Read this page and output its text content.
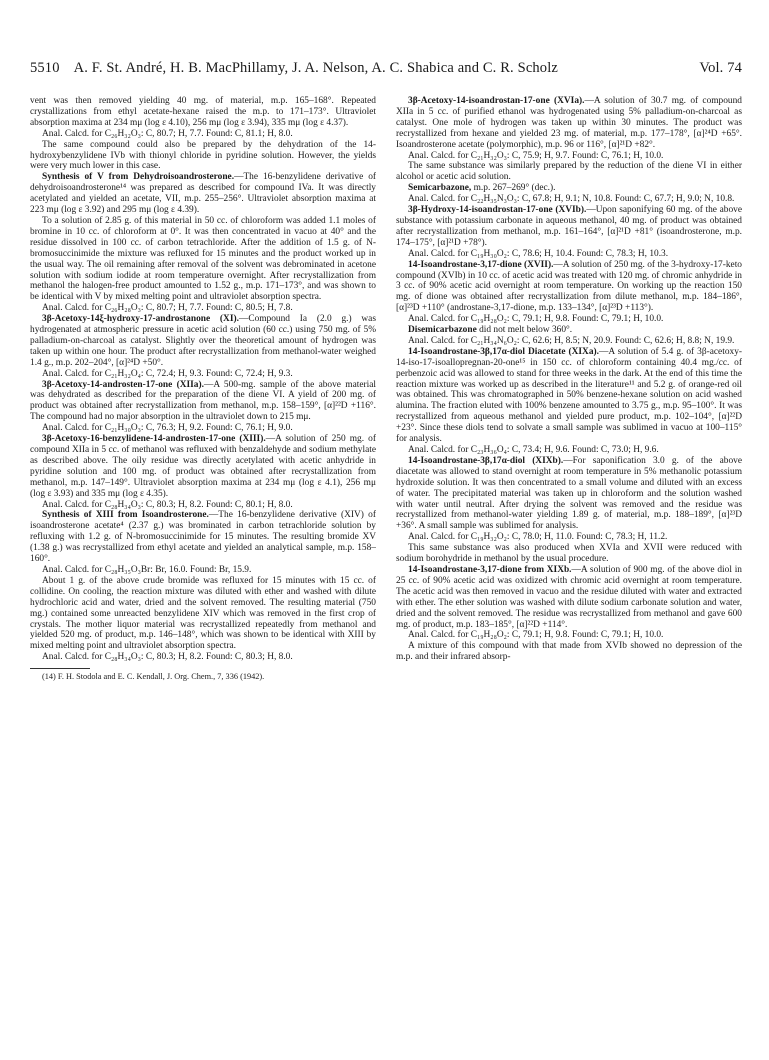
5510 A. F. St. André, H. B. MacPhillamy, J. A. Nelson, A. C. Shabica and C. R. Scholz	Vol. 74

vent was then removed yielding 40 mg. of material, m.p. 165–168°. Repeated crystallizations from ethyl acetate-hexane raised the m.p. to 171–173°. Ultraviolet absorption maxima at 234 mμ (log ε 4.10), 256 mμ (log ε 3.94), 335 mμ (log ε 4.37).

Anal. Calcd. for C₂₆H₃₂O₃: C, 80.7; H, 7.7. Found: C, 81.1; H, 8.0.

The same compound could also be prepared by the dehydration of the 14-hydroxybenzylidene IVb with thionyl chloride in pyridine solution. However, the yields were very much lower in this case.

Synthesis of V from Dehydroisoandrosterone.—The 16-benzylidene derivative of dehydroisoandrosterone¹⁴ was prepared as described for compound IVa. It was directly acetylated and yielded an acetate, VII, m.p. 255–256°. Ultraviolet absorption maxima at 223 mμ (log ε 3.92) and 295 mμ (log ε 4.39).

To a solution of 2.85 g. of this material in 50 cc. of chloroform was added 1.1 moles of bromine in 10 cc. of chloroform at 0°. It was then concentrated in vacuo at 40° and the residue dissolved in 100 cc. of carbon tetrachloride. After the addition of 1.5 g. of N-bromosuccinimide the mixture was refluxed for 15 minutes and the product worked up in the usual way. The oil remaining after removal of the solvent was debrominated in acetone solution with sodium iodide at room temperature overnight. After recrystallization from methanol the halogen-free product amounted to 1.52 g., m.p. 171–173°, and was shown to be identical with V by mixed melting point and ultraviolet absorption spectra.

Anal. Calcd. for C₂₆H₂₈O₃: C, 80.7; H, 7.7. Found: C, 80.5; H, 7.8.

3β-Acetoxy-14ξ-hydroxy-17-androstanone (XI).—Compound Ia (2.0 g.) was hydrogenated at atmospheric pressure in acetic acid solution (60 cc.) using 750 mg. of 5% palladium-on-charcoal as catalyst. Slightly over the theoretical amount of hydrogen was taken up within one hour. The product after recrystallization from methanol-water weighed 1.4 g., m.p. 202–204°, [α]²⁴D +50°.

Anal. Calcd. for C₂₁H₃₂O₄: C, 72.4; H, 9.3. Found: C, 72.4; H, 9.3.

3β-Acetoxy-14-androsten-17-one (XIIa).—A 500-mg. sample of the above material was dehydrated as described for the preparation of the diene VI. A yield of 200 mg. of product was obtained after recrystallization from methanol, m.p. 158–159°, [α]²²D +116°. The compound had no major absorption in the ultraviolet down to 215 mμ.

Anal. Calcd. for C₂₁H₃₀O₃: C, 76.3; H, 9.2. Found: C, 76.1; H, 9.0.

3β-Acetoxy-16-benzylidene-14-androsten-17-one (XIII).—A solution of 250 mg. of compound XIIa in 5 cc. of methanol was refluxed with benzaldehyde and sodium methylate as described above. The oily residue was directly acetylated with acetic anhydride in pyridine solution and 100 mg. of product was obtained after recrystallization from methanol, m.p. 147–149°. Ultraviolet absorption maxima at 234 mμ (log ε 4.1), 256 mμ (log ε 3.93) and 335 mμ (log ε 4.35).

Anal. Calcd. for C₂₈H₃₄O₃: C, 80.3; H, 8.2. Found: C, 80.1; H, 8.0.

Synthesis of XIII from Isoandrosterone.—The 16-benzylidene derivative (XIV) of isoandrosterone acetate⁴ (2.37 g.) was brominated in carbon tetrachloride solution by refluxing with 1.2 g. of N-bromosuccinimide for 15 minutes. The resulting bromide XV (1.38 g.) was recrystallized from ethyl acetate and yielded an analytical sample, m.p. 158–160°.

Anal. Calcd. for C₂₈H₃₅O₃Br: Br, 16.0. Found: Br, 15.9.

About 1 g. of the above crude bromide was refluxed for 15 minutes with 15 cc. of collidine. On cooling, the reaction mixture was diluted with ether and washed with dilute hydrochloric acid and water, dried and the solvent removed. The resulting material (750 mg.) contained some unreacted benzylidene XIV which was removed in the first crop of crystals. The mother liquor material was recrystallized repeatedly from methanol and yielded 520 mg. of product, m.p. 146–148°, which was shown to be identical with XIII by mixed melting point and ultraviolet absorption spectra.

Anal. Calcd. for C₂₈H₃₄O₃: C, 80.3; H, 8.2. Found: C, 80.3; H, 8.0.

(14) F. H. Stodola and E. C. Kendall, J. Org. Chem., 7, 336 (1942).

3β-Acetoxy-14-isoandrostan-17-one (XVIa).—A solution of 30.7 mg. of compound XIIa in 5 cc. of purified ethanol was hydrogenated using 5% palladium-on-charcoal as catalyst. One mole of hydrogen was taken up within 30 minutes. The product was recrystallized from hexane and yielded 23 mg. of material, m.p. 177–178°, [α]²⁴D +65°. Isoandrosterone acetate (polymorphic), m.p. 96 or 116°, [α]²¹D +82°.

Anal. Calcd. for C₂₁H₃₂O₃: C, 75.9; H, 9.7. Found: C, 76.1; H, 10.0.

The same substance was similarly prepared by the reduction of the diene VI in either alcohol or acetic acid solution.

Semicarbazone, m.p. 267–269° (dec.).

Anal. Calcd. for C₂₂H₃₅N₃O₃: C, 67.8; H, 9.1; N, 10.8. Found: C, 67.7; H, 9.0; N, 10.8.

3β-Hydroxy-14-isoandrostan-17-one (XVIb).—Upon saponifying 60 mg. of the above substance with potassium carbonate in aqueous methanol, 40 mg. of product was obtained after recrystallization from methanol, m.p. 161–164°, [α]²¹D +81° (isoandrosterone, m.p. 174–175°, [α]²¹D +78°).

Anal. Calcd. for C₁₉H₃₀O₂: C, 78.6; H, 10.4. Found: C, 78.3; H, 10.3.

14-Isoandrostane-3,17-dione (XVII).—A solution of 250 mg. of the 3-hydroxy-17-keto compound (XVIb) in 10 cc. of acetic acid was treated with 120 mg. of chromic anhydride in 3 cc. of 90% acetic acid overnight at room temperature. On working up the reaction 150 mg. of dione was obtained after recrystallization from dilute methanol, m.p. 184–186°, [α]²³D +110° (androstane-3,17-dione, m.p. 133–134°, [α]²³D +113°).

Anal. Calcd. for C₁₉H₂₈O₂: C, 79.1; H, 9.8. Found: C, 79.1; H, 10.0.

Disemicarbazone did not melt below 360°.

Anal. Calcd. for C₂₁H₃₄N₆O₂: C, 62.6; H, 8.5; N, 20.9. Found: C, 62.6; H, 8.8; N, 19.9.

14-Isoandrostane-3β,17α-diol Diacetate (XIXa).—A solution of 5.4 g. of 3β-acetoxy-14-iso-17-isoallopregnan-20-one¹⁵ in 150 cc. of chloroform containing 40.4 mg./cc. of perbenzoic acid was allowed to stand for three weeks in the dark. At the end of this time the reaction mixture was worked up as described in the literature¹¹ and 5.2 g. of orange-red oil was obtained. This was chromatographed in 50% benzene-hexane solution on acid washed alumina. The fraction eluted with 100% benzene amounted to 3.75 g., m.p. 95–100°. It was recrystallized from aqueous methanol and yielded pure product, m.p. 102–104°, [α]²²D +23°. Since these diols tend to solvate a small sample was sublimed in vacuo at 100–115° for analysis.

Anal. Calcd. for C₂₃H₃₆O₄: C, 73.4; H, 9.6. Found: C, 73.0; H, 9.6.

14-Isoandrostane-3β,17α-diol (XIXb).—For saponification 3.0 g. of the above diacetate was allowed to stand overnight at room temperature in 5% methanolic potassium hydroxide solution. It was then concentrated to a small volume and diluted with an excess of water. The precipitated material was taken up in chloroform and the solution washed with water until neutral. After drying the solvent was removed and the residue was recrystallized from methanol-water yielding 1.89 g. of material, m.p. 188–189°, [α]²³D +36°. A small sample was sublimed for analysis.

Anal. Calcd. for C₁₉H₃₂O₂: C, 78.0; H, 11.0. Found: C, 78.3; H, 11.2.

This same substance was also produced when XVIa and XVII were reduced with sodium borohydride in methanol by the usual procedure.

14-Isoandrostane-3,17-dione from XIXb.—A solution of 900 mg. of the above diol in 25 cc. of 90% acetic acid was oxidized with chromic acid overnight at room temperature. The acetic acid was then removed in vacuo and the residue diluted with water and extracted with ether. The ether solution was washed with dilute sodium carbonate solution and water, dried and the solvent removed. The residue was recrystallized from methanol and gave 600 mg. of product, m.p. 183–185°, [α]²²D +114°.

Anal. Calcd. for C₁₉H₂₈O₂: C, 79.1; H, 9.8. Found: C, 79.1; H, 10.0.

A mixture of this compound with that made from XVIb showed no depression of the m.p. and their infrared absorp-
